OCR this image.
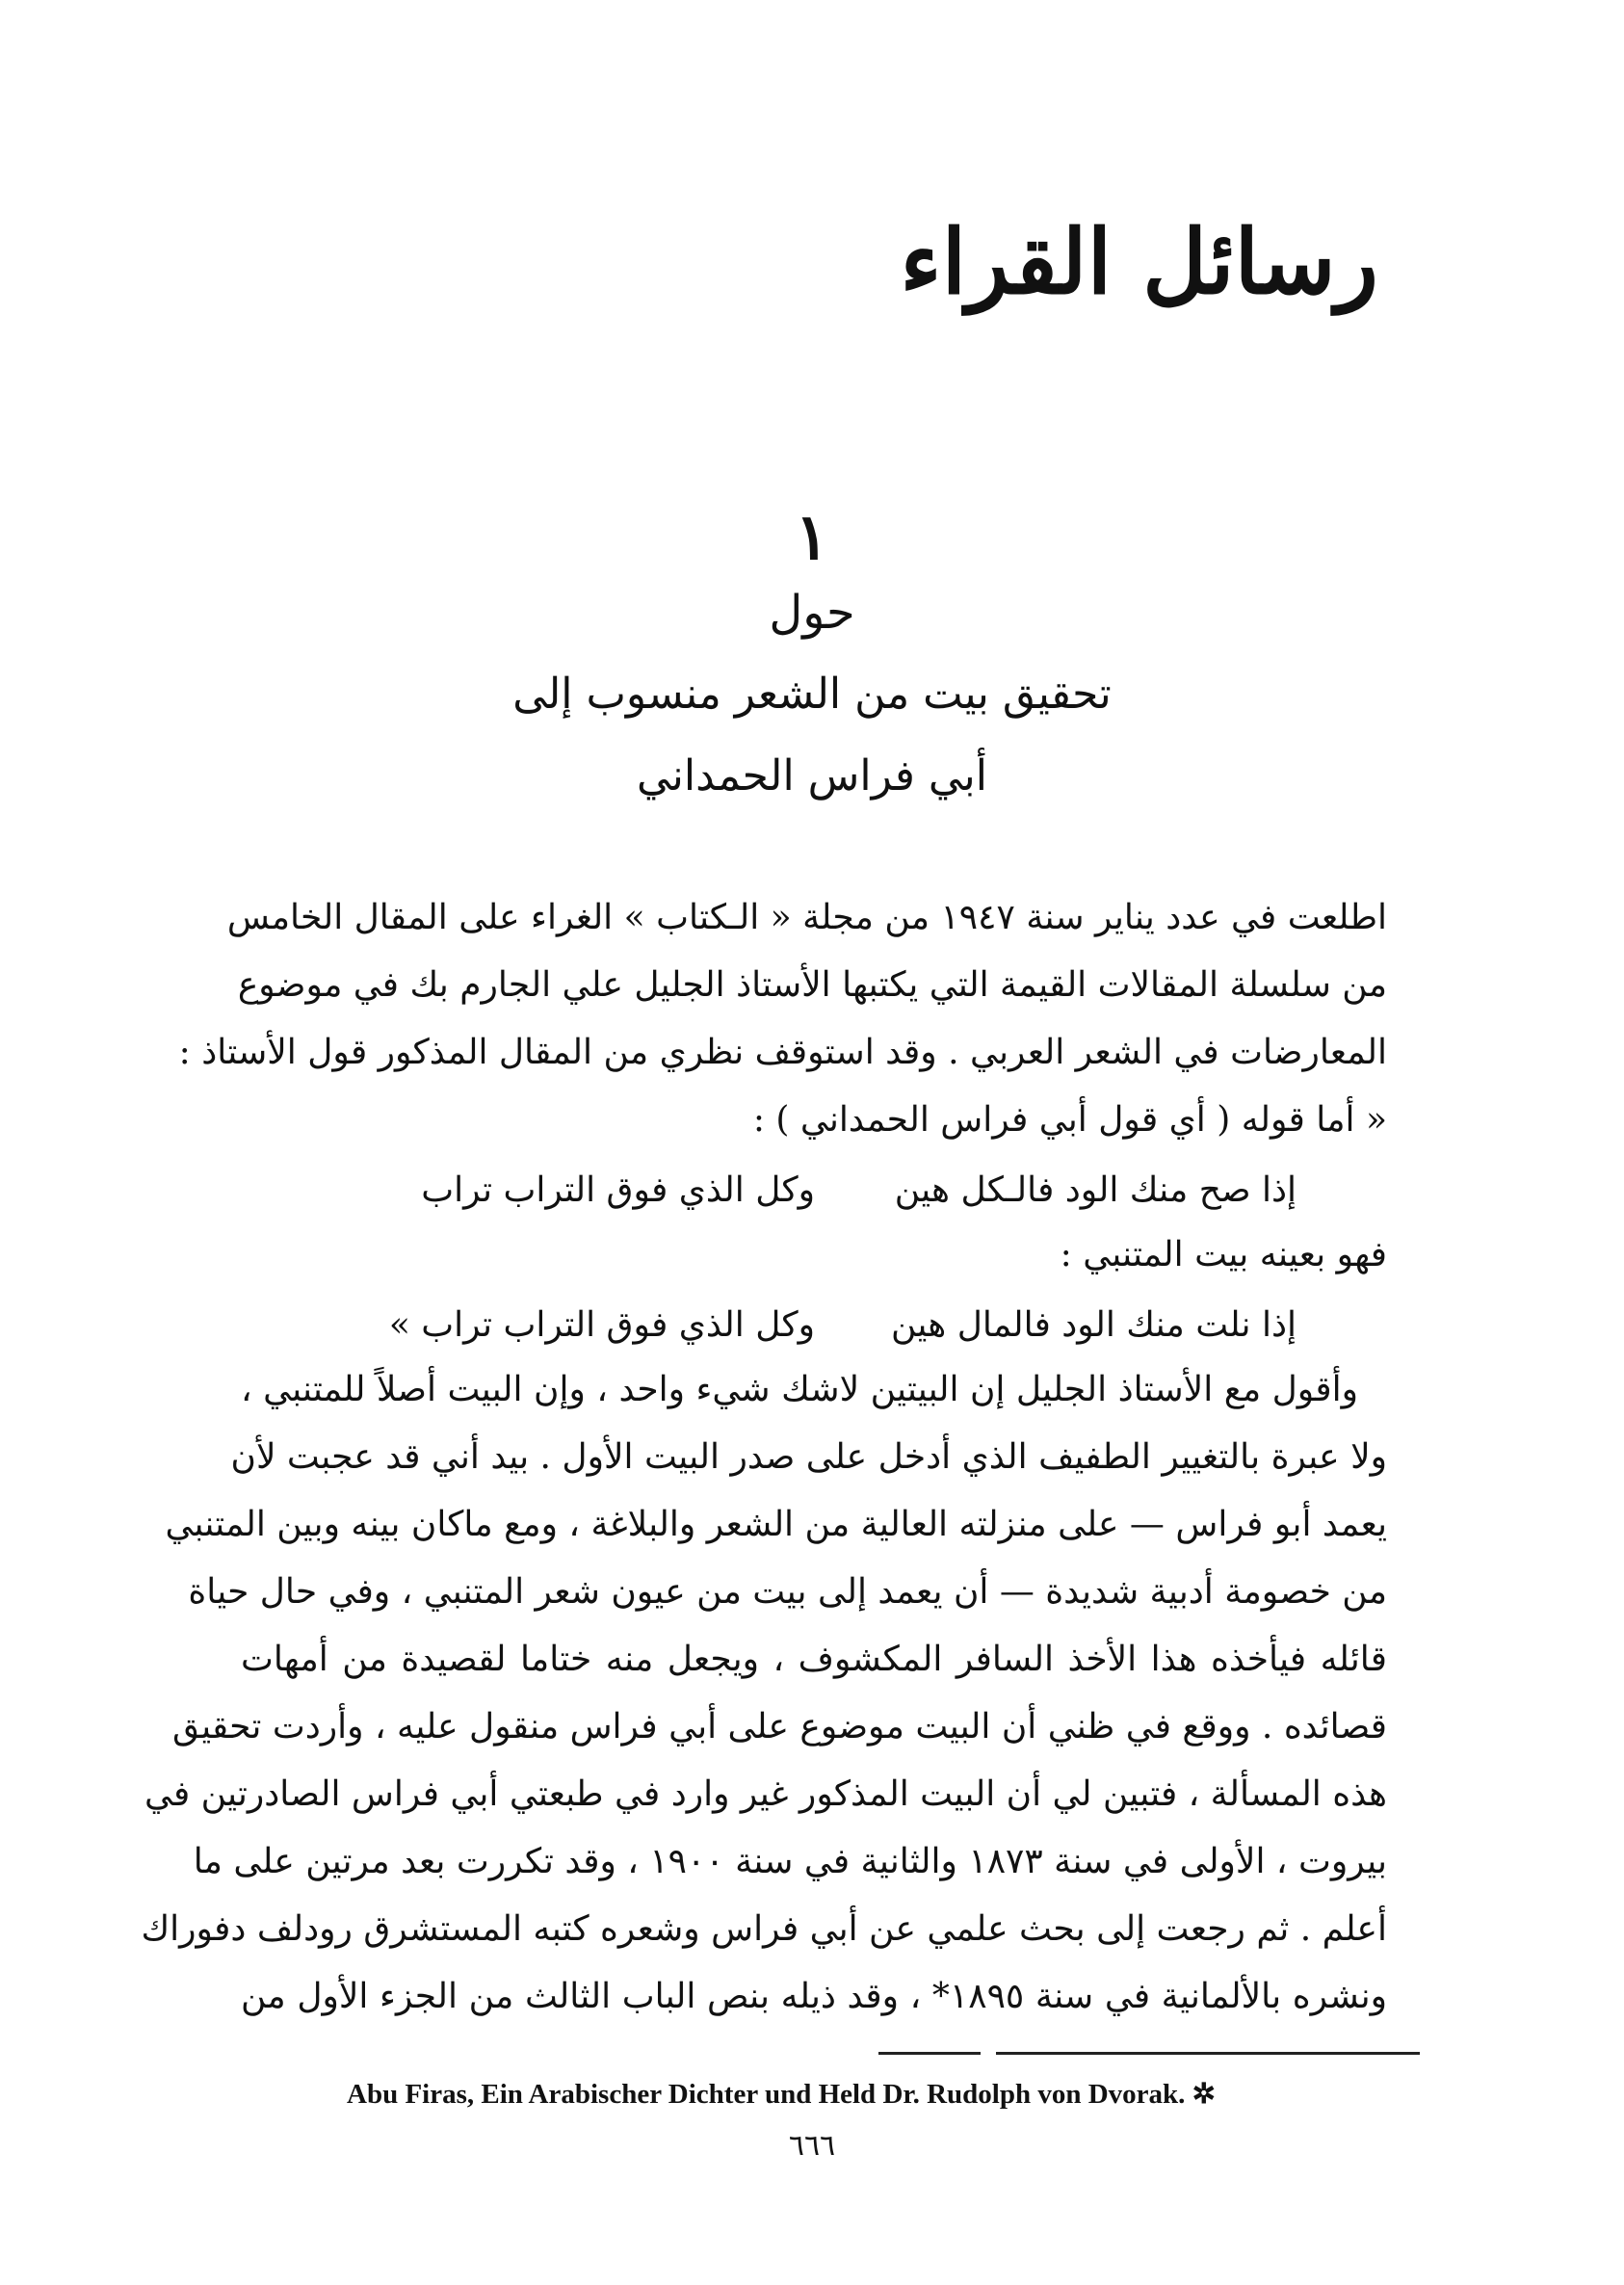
رسائل القراء
١
حول
تحقيق بيت من الشعر منسوب إلى
أبي فراس الحمداني
اطلعت في عدد يناير سنة ١٩٤٧ من مجلة « الـكتاب » الغراء على المقال الخامس
من سلسلة المقالات القيمة التي يكتبها الأستاذ الجليل علي الجارم بك في موضوع
المعارضات في الشعر العربي . وقد استوقف نظري من المقال المذكور قول الأستاذ :
« أما قوله ( أي قول أبي فراس الحمداني ) :
إذا صح منك الود فالـكل هين
وكل الذي فوق التراب تراب
فهو بعينه بيت المتنبي :
إذا نلت منك الود فالمال هين
وكل الذي فوق التراب تراب »
وأقول مع الأستاذ الجليل إن البيتين لاشك شيء واحد ، وإن البيت أصلاً للمتنبي ،
ولا عبرة بالتغيير الطفيف الذي أدخل على صدر البيت الأول . بيد أني قد عجبت لأن
يعمد أبو فراس — على منزلته العالية من الشعر والبلاغة ، ومع ماكان بينه وبين المتنبي
من خصومة أدبية شديدة — أن يعمد إلى بيت من عيون شعر المتنبي ، وفي حال حياة
قائله فيأخذه هذا الأخذ السافر المكشوف ، ويجعل منه ختاما لقصيدة من أمهات
قصائده . ووقع في ظني أن البيت موضوع على أبي فراس منقول عليه ، وأردت تحقيق
هذه المسألة ، فتبين لي أن البيت المذكور غير وارد في طبعتي أبي فراس الصادرتين في
بيروت ، الأولى في سنة ١٨٧٣ والثانية في سنة ١٩٠٠ ، وقد تكررت بعد مرتين على ما
أعلم . ثم رجعت إلى بحث علمي عن أبي فراس وشعره كتبه المستشرق رودلف دفوراك
ونشره بالألمانية في سنة ١٨٩٥* ، وقد ذيله بنص الباب الثالث من الجزء الأول من
Abu Firas, Ein Arabischer Dichter und Held Dr. Rudolph von Dvorak. ✲
٦٦٦
